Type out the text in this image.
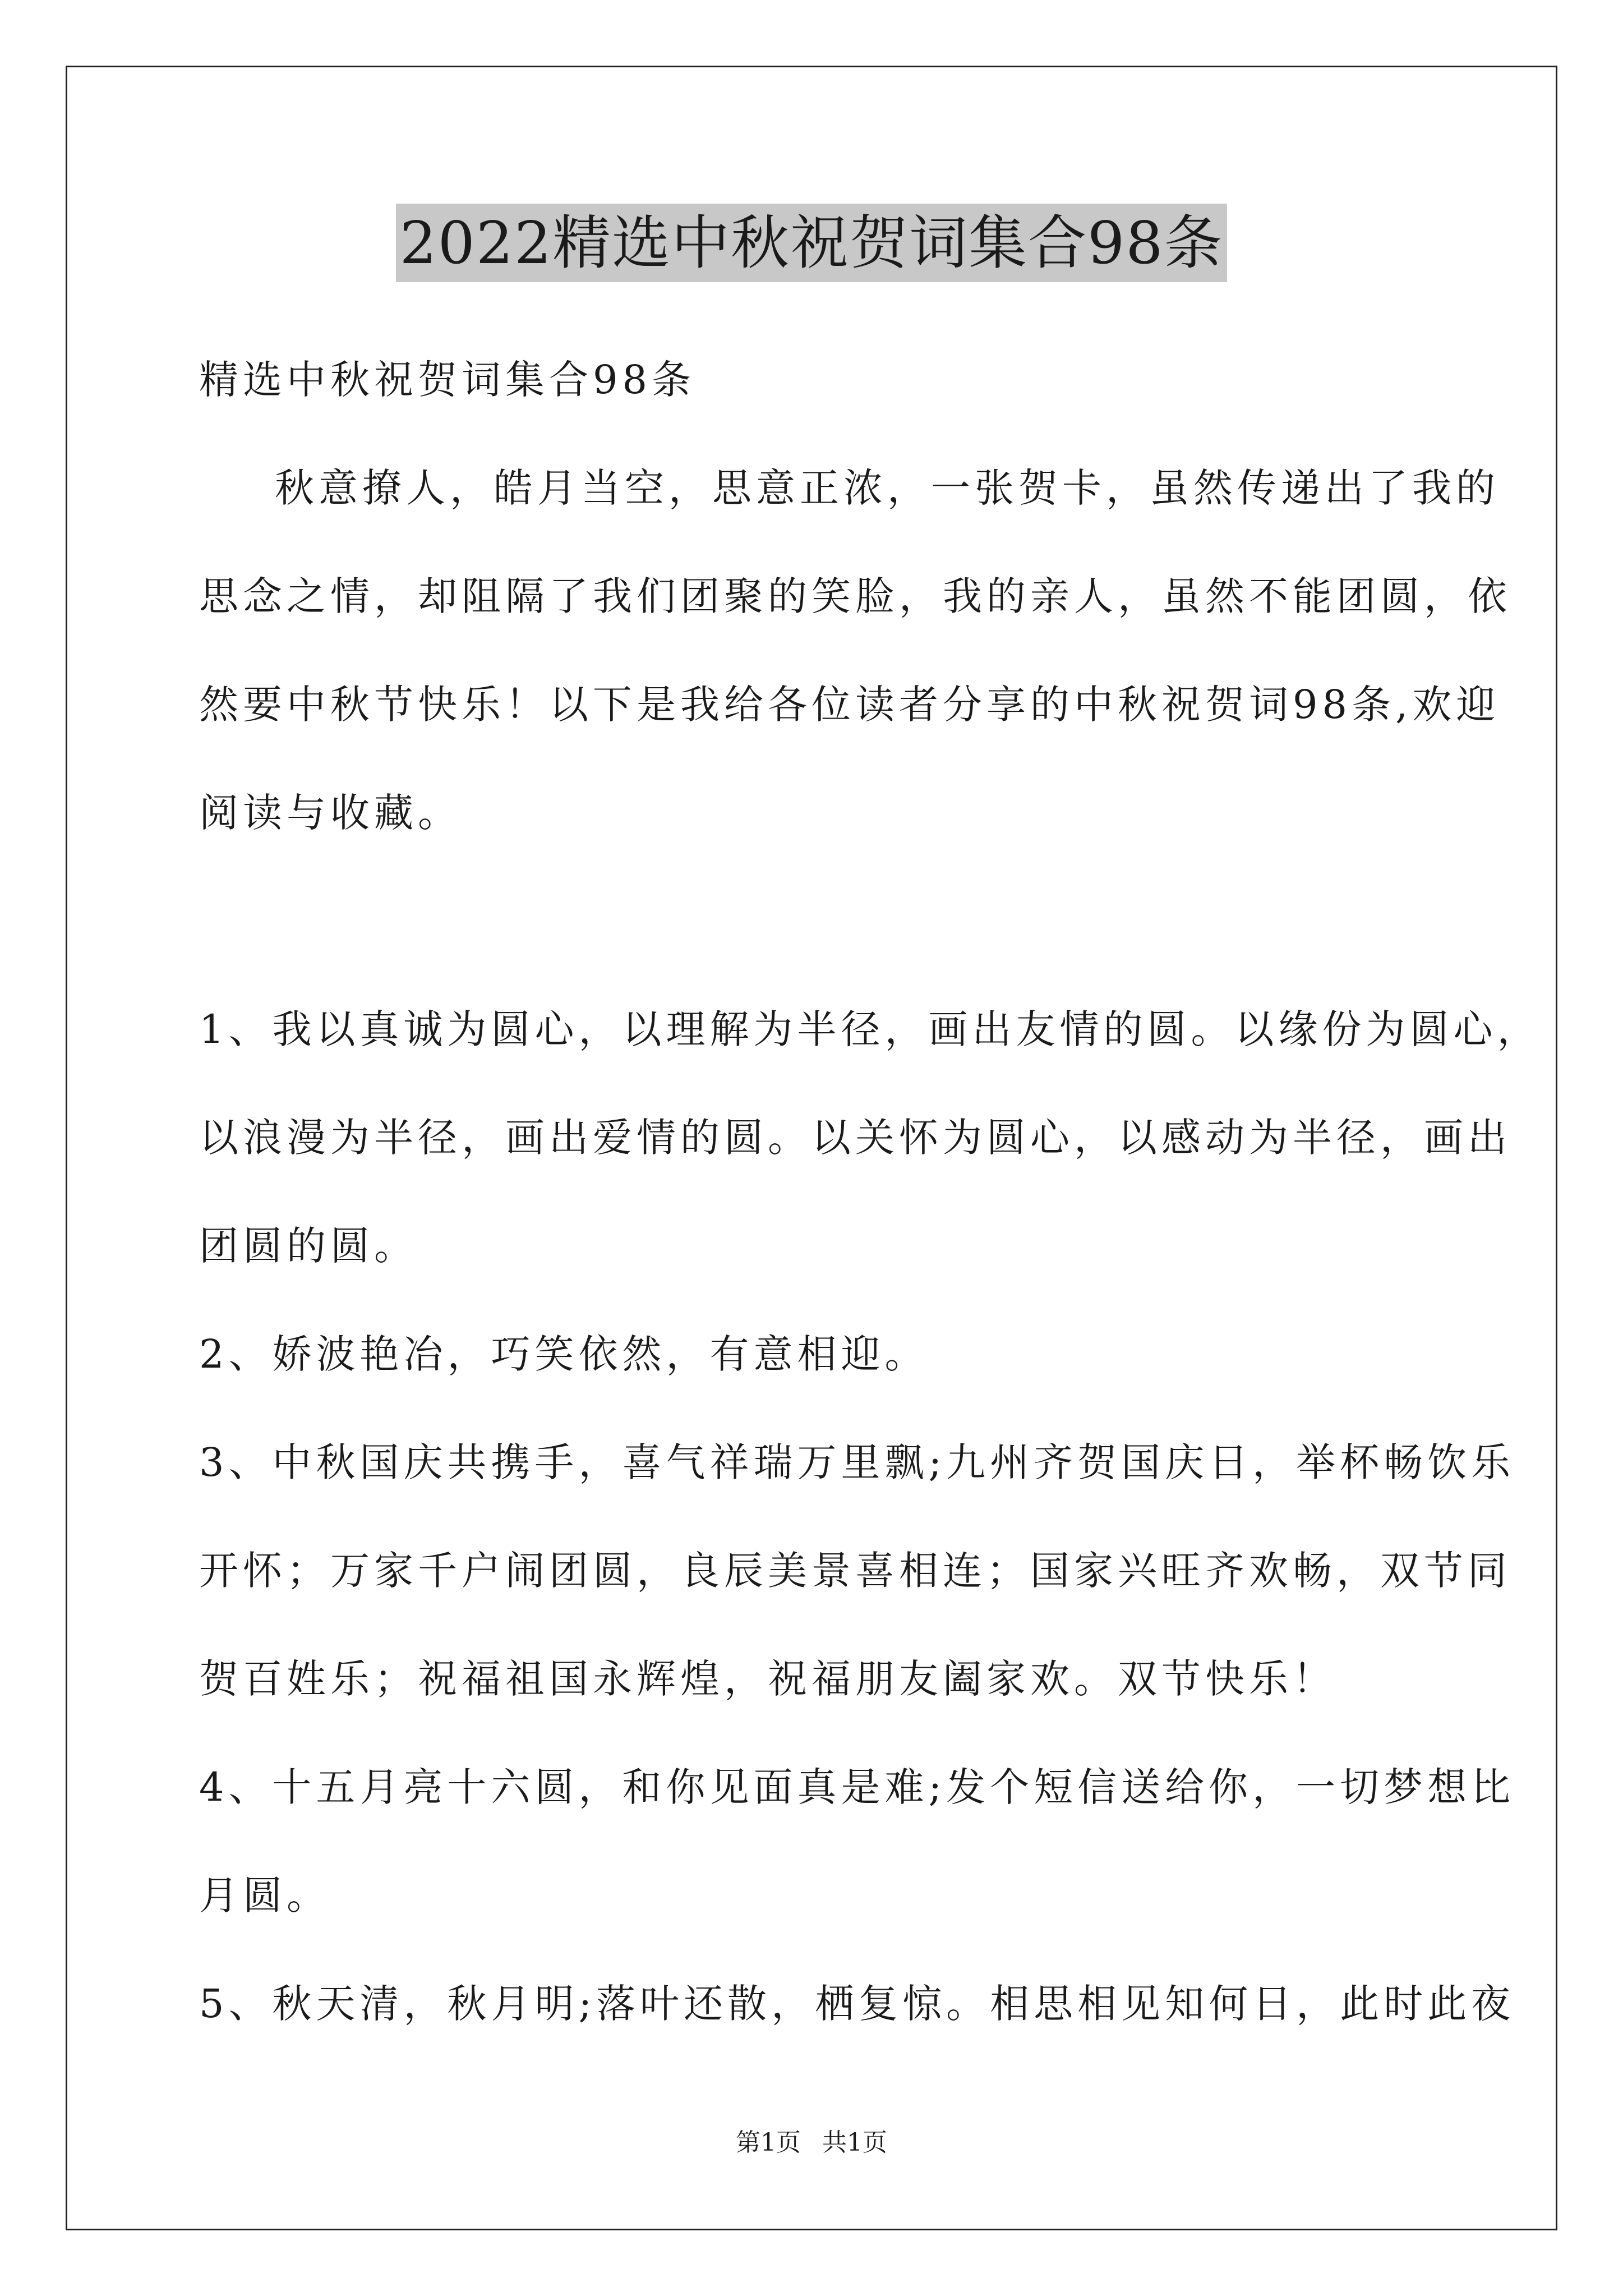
2022精选中秋祝贺词集合98条
精选中秋祝贺词集合98条
秋意撩人，皓月当空，思意正浓，一张贺卡，虽然传递出了我的
思念之情，却阻隔了我们团聚的笑脸，我的亲人，虽然不能团圆，依
然要中秋节快乐！以下是我给各位读者分享的中秋祝贺词98条,欢迎
阅读与收藏。
1、我以真诚为圆心，以理解为半径，画出友情的圆。以缘份为圆心，
以浪漫为半径，画出爱情的圆。以关怀为圆心，以感动为半径，画出
团圆的圆。
2、娇波艳冶，巧笑依然，有意相迎。
3、中秋国庆共携手，喜气祥瑞万里飘;九州齐贺国庆日，举杯畅饮乐
开怀；万家千户闹团圆，良辰美景喜相连；国家兴旺齐欢畅，双节同
贺百姓乐；祝福祖国永辉煌，祝福朋友阖家欢。双节快乐！
4、十五月亮十六圆，和你见面真是难;发个短信送给你，一切梦想比
月圆。
5、秋天清，秋月明;落叶还散，栖复惊。相思相见知何日，此时此夜
第1页 共1页
